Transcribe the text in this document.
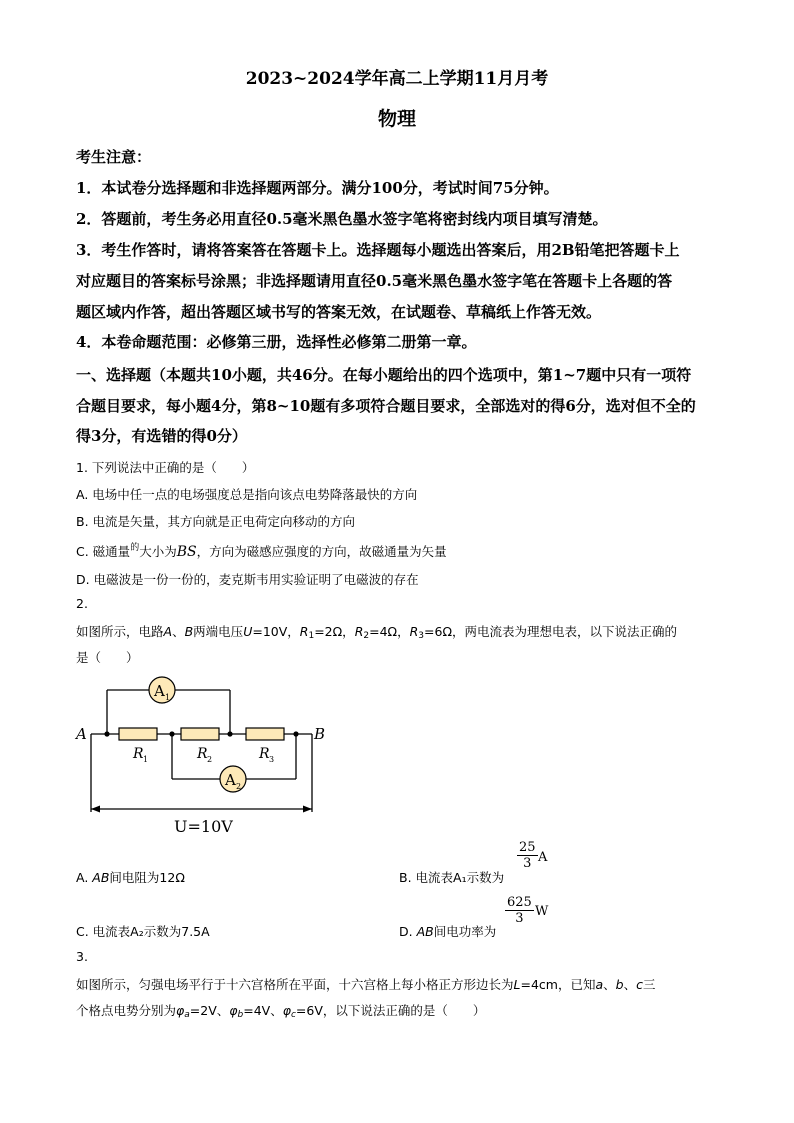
2023~2024学年高二上学期11月月考
物理
考生注意：
1．本试卷分选择题和非选择题两部分。满分100分，考试时间75分钟。
2．答题前，考生务必用直径0.5毫米黑色墨水签字笔将密封线内项目填写清楚。
3．考生作答时，请将答案答在答题卡上。选择题每小题选出答案后，用2B铅笔把答题卡上
对应题目的答案标号涂黑；非选择题请用直径0.5毫米黑色墨水签字笔在答题卡上各题的答
题区域内作答，超出答题区域书写的答案无效，在试题卷、草稿纸上作答无效。
4．本卷命题范围：必修第三册，选择性必修第二册第一章。
一、选择题（本题共10小题，共46分。在每小题给出的四个选项中，第1~7题中只有一项符
合题目要求，每小题4分，第8~10题有多项符合题目要求，全部选对的得6分，选对但不全的
得3分，有选错的得0分）
1. 下列说法中正确的是（　　）
A. 电场中任一点的电场强度总是指向该点电势降落最快的方向
B. 电流是矢量，其方向就是正电荷定向移动的方向
C. 磁通量$^的$大小为BS，方向为磁感应强度的方向，故磁通量为矢量
D. 电磁波是一份一份的，麦克斯韦用实验证明了电磁波的存在
2.
如图所示，电路A、B两端电压U=10V，$R_1=2\Omega$，$R_2=4\Omega$，$R_3=6\Omega$，两电流表为理想电表，以下说法正确的
是（　　）
A 1
A 2
A	B
R 1	R 2	R 3
U=10V
A. AB间电阻为12Ω	B. 电流表A₁示数为
$\frac{25}{3}$ A
C. 电流表A₂示数为7.5A	D. AB间电功率为
$\frac{625}{3}$ W
3.
如图所示，匀强电场平行于十六宫格所在平面，十六宫格上每小格正方形边长为L=4cm，已知a、b、c三
个格点电势分别为$\varphi_a=2V$、$\varphi_b=4V$、$\varphi_c=6V$，以下说法正确的是（　　）
